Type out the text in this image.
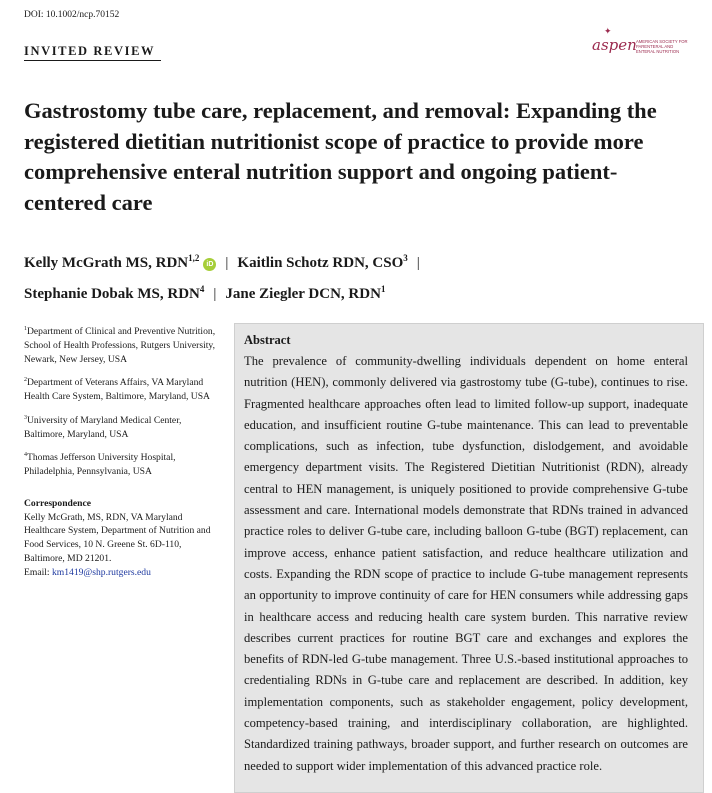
DOI: 10.1002/ncp.70152
INVITED REVIEW
✦
aspen AMERICAN SOCIETY FOR PARENTERAL AND ENTERAL NUTRITION
Gastrostomy tube care, replacement, and removal: Expanding the registered dietitian nutritionist scope of practice to provide more comprehensive enteral nutrition support and ongoing patient-centered care
Kelly McGrath MS, RDN$^{1,2}$iD | Kaitlin Schotz RDN, CSO$^3$ |
Stephanie Dobak MS, RDN$^4$ | Jane Ziegler DCN, RDN$^1$
$^1$Department of Clinical and Preventive Nutrition, School of Health Professions, Rutgers University, Newark, New Jersey, USA
$^2$Department of Veterans Affairs, VA Maryland Health Care System, Baltimore, Maryland, USA
$^3$University of Maryland Medical Center, Baltimore, Maryland, USA
$^4$Thomas Jefferson University Hospital, Philadelphia, Pennsylvania, USA
Correspondence
Kelly McGrath, MS, RDN, VA Maryland Healthcare System, Department of Nutrition and Food Services, 10 N. Greene St. 6D-110, Baltimore, MD 21201.
Email: km1419@shp.rutgers.edu
Abstract

The prevalence of community-dwelling individuals dependent on home enteral nutrition (HEN), commonly delivered via gastrostomy tube (G-tube), continues to rise. Fragmented healthcare approaches often lead to limited follow-up support, inadequate education, and insufficient routine G-tube maintenance. This can lead to preventable complications, such as infection, tube dysfunction, dislodgement, and avoidable emergency department visits. The Registered Dietitian Nutritionist (RDN), already central to HEN management, is uniquely positioned to provide comprehensive G-tube assessment and care. International models demonstrate that RDNs trained in advanced practice roles to deliver G-tube care, including balloon G-tube (BGT) replacement, can improve access, enhance patient satisfaction, and reduce healthcare utilization and costs. Expanding the RDN scope of practice to include G-tube management represents an opportunity to improve continuity of care for HEN consumers while addressing gaps in healthcare access and reducing health care system burden. This narrative review describes current practices for routine BGT care and exchanges and explores the benefits of RDN-led G-tube management. Three U.S.-based institutional approaches to credentialing RDNs in G-tube care and replacement are described. In addition, key implementation components, such as stakeholder engagement, policy development, competency-based training, and interdisciplinary collaboration, are highlighted. Standardized training pathways, broader support, and further research on outcomes are needed to support wider implementation of this advanced practice role.
